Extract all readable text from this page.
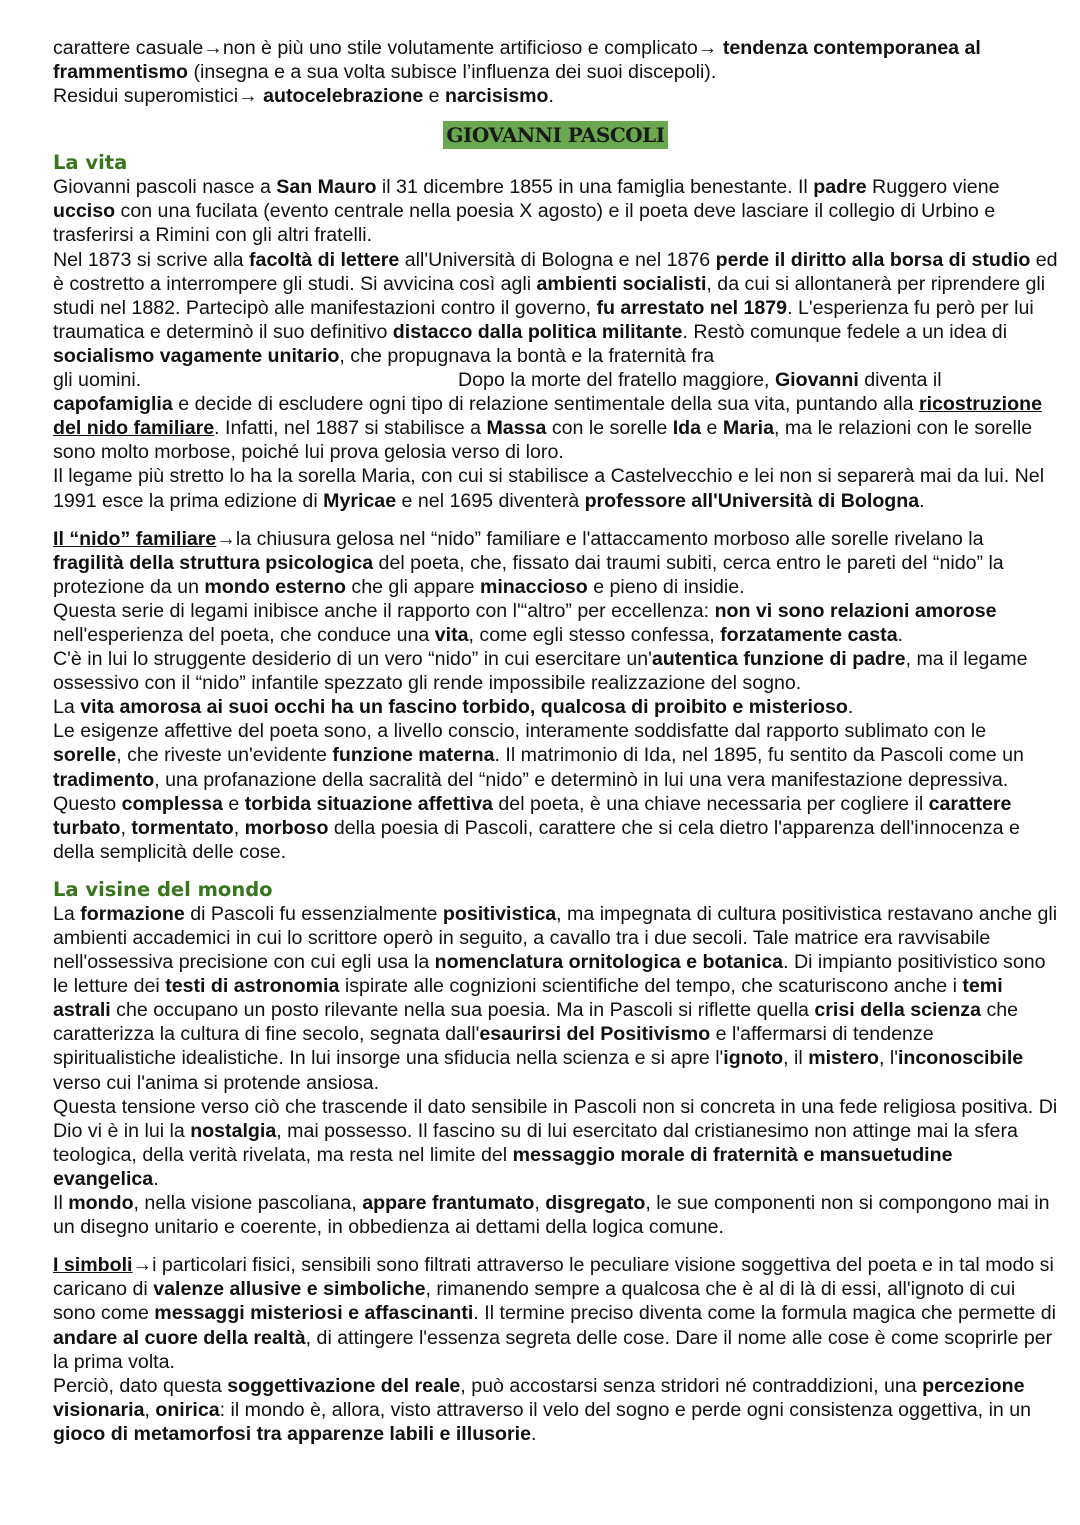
carattere casuale→non è più uno stile volutamente artificioso e complicato→ tendenza contemporanea al frammentismo (insegna e a sua volta subisce l’influenza dei suoi discepoli).

Residui superomistici→ autocelebrazione e narcisismo.

GIOVANNI PASCOLI

La vita

Giovanni pascoli nasce a San Mauro il 31 dicembre 1855 in una famiglia benestante. Il padre Ruggero viene ucciso con una fucilata (evento centrale nella poesia X agosto) e il poeta deve lasciare il collegio di Urbino e trasferirsi a Rimini con gli altri fratelli.

Nel 1873 si scrive alla facoltà di lettere all'Università di Bologna e nel 1876 perde il diritto alla borsa di studio ed è costretto a interrompere gli studi. Si avvicina così agli ambienti socialisti, da cui si allontanerà per riprendere gli studi nel 1882. Partecipò alle manifestazioni contro il governo, fu arrestato nel 1879. L'esperienza fu però per lui traumatica e determinò il suo definitivo distacco dalla politica militante. Restò comunque fedele a un idea di socialismo vagamente unitario, che propugnava la bontà e la fraternità fra gli uomini.	Dopo la morte del fratello maggiore, Giovanni diventa il capofamiglia e decide di escludere ogni tipo di relazione sentimentale della sua vita, puntando alla ricostruzione del nido familiare. Infatti, nel 1887 si stabilisce a Massa con le sorelle Ida e Maria, ma le relazioni con le sorelle sono molto morbose, poiché lui prova gelosia verso di loro.

Il legame più stretto lo ha la sorella Maria, con cui si stabilisce a Castelvecchio e lei non si separerà mai da lui. Nel 1991 esce la prima edizione di Myricae e nel 1695 diventerà professore all'Università di Bologna.

Il “nido” familiare→la chiusura gelosa nel “nido” familiare e l'attaccamento morboso alle sorelle rivelano la fragilità della struttura psicologica del poeta, che, fissato dai traumi subiti, cerca entro le pareti del “nido” la protezione da un mondo esterno che gli appare minaccioso e pieno di insidie.

Questa serie di legami inibisce anche il rapporto con l'“altro” per eccellenza: non vi sono relazioni amorose nell'esperienza del poeta, che conduce una vita, come egli stesso confessa, forzatamente casta.

C'è in lui lo struggente desiderio di un vero “nido” in cui esercitare un'autentica funzione di padre, ma il legame ossessivo con il “nido” infantile spezzato gli rende impossibile realizzazione del sogno.

La vita amorosa ai suoi occhi ha un fascino torbido, qualcosa di proibito e misterioso.

Le esigenze affettive del poeta sono, a livello conscio, interamente soddisfatte dal rapporto sublimato con le sorelle, che riveste un'evidente funzione materna. Il matrimonio di Ida, nel 1895, fu sentito da Pascoli come un tradimento, una profanazione della sacralità del “nido” e determinò in lui una vera manifestazione depressiva.

Questo complessa e torbida situazione affettiva del poeta, è una chiave necessaria per cogliere il carattere turbato, tormentato, morboso della poesia di Pascoli, carattere che si cela dietro l'apparenza dell'innocenza e della semplicità delle cose.

La visine del mondo

La formazione di Pascoli fu essenzialmente positivistica, ma impegnata di cultura positivistica restavano anche gli ambienti accademici in cui lo scrittore operò in seguito, a cavallo tra i due secoli. Tale matrice era ravvisabile nell'ossessiva precisione con cui egli usa la nomenclatura ornitologica e botanica. Di impianto positivistico sono le letture dei testi di astronomia ispirate alle cognizioni scientifiche del tempo, che scaturiscono anche i temi astrali che occupano un posto rilevante nella sua poesia. Ma in Pascoli si riflette quella crisi della scienza che caratterizza la cultura di fine secolo, segnata dall'esaurirsi del Positivismo e l'affermarsi di tendenze spiritualistiche idealistiche. In lui insorge una sfiducia nella scienza e si apre l'ignoto, il mistero, l'inconoscibile verso cui l'anima si protende ansiosa.

Questa tensione verso ciò che trascende il dato sensibile in Pascoli non si concreta in una fede religiosa positiva. Di Dio vi è in lui la nostalgia, mai possesso. Il fascino su di lui esercitato dal cristianesimo non attinge mai la sfera teologica, della verità rivelata, ma resta nel limite del messaggio morale di fraternità e mansuetudine evangelica.

Il mondo, nella visione pascoliana, appare frantumato, disgregato, le sue componenti non si compongono mai in un disegno unitario e coerente, in obbedienza ai dettami della logica comune.

I simboli→i particolari fisici, sensibili sono filtrati attraverso le peculiare visione soggettiva del poeta e in tal modo si caricano di valenze allusive e simboliche, rimanendo sempre a qualcosa che è al di là di essi, all'ignoto di cui sono come messaggi misteriosi e affascinanti. Il termine preciso diventa come la formula magica che permette di andare al cuore della realtà, di attingere l'essenza segreta delle cose. Dare il nome alle cose è come scoprirle per la prima volta.

Perciò, dato questa soggettivazione del reale, può accostarsi senza stridori né contraddizioni, una percezione visionaria, onirica: il mondo è, allora, visto attraverso il velo del sogno e perde ogni consistenza oggettiva, in un gioco di metamorfosi tra apparenze labili e illusorie.
